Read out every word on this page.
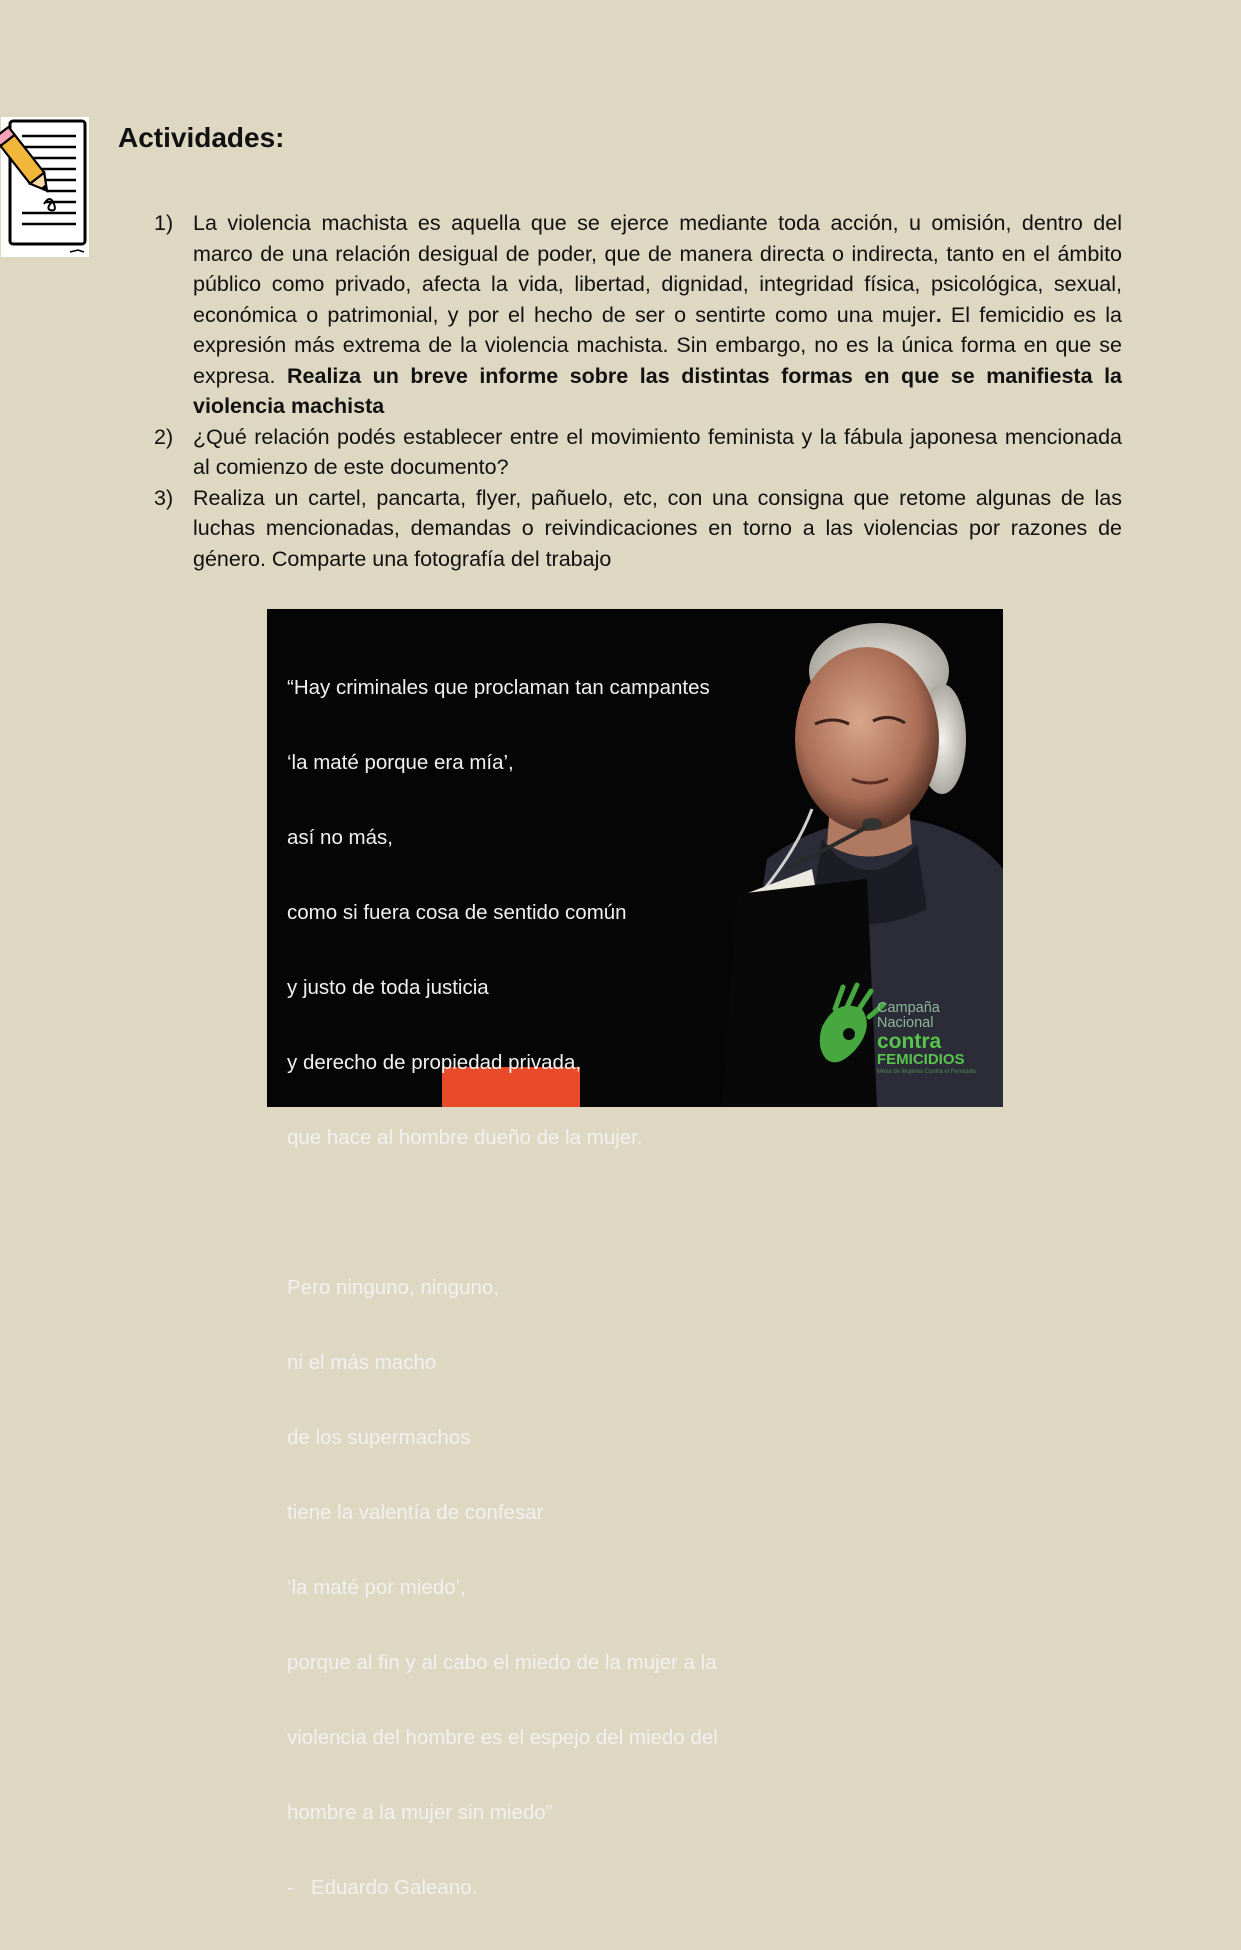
Actividades:
1) La violencia machista es aquella que se ejerce mediante toda acción, u omisión, dentro del marco de una relación desigual de poder, que de manera directa o indirecta, tanto en el ámbito público como privado, afecta la vida, libertad, dignidad, integridad física, psicológica, sexual, económica o patrimonial, y por el hecho de ser o sentirte como una mujer. El femicidio es la expresión más extrema de la violencia machista. Sin embargo, no es la única forma en que se expresa. Realiza un breve informe sobre las distintas formas en que se manifiesta la violencia machista
2) ¿Qué relación podés establecer entre el movimiento feminista y la fábula japonesa mencionada al comienzo de este documento?
3) Realiza un cartel, pancarta, flyer, pañuelo, etc, con una consigna que retome algunas de las luchas mencionadas, demandas o reivindicaciones en torno a las violencias por razones de género. Comparte una fotografía del trabajo

“Hay criminales que proclaman tan campantes

‘la maté porque era mía’,

así no más,

como si fuera cosa de sentido común

y justo de toda justicia

y derecho de propiedad privada,

que hace al hombre dueño de la mujer.

Pero ninguno, ninguno,

ni el más macho

de los supermachos

tiene la valentía de confesar

‘la maté por miedo’,

porque al fin y al cabo el miedo de la mujer a la

violencia del hombre es el espejo del miedo del

hombre a la mujer sin miedo”

-   Eduardo Galeano.

Campaña
Nacional
contra
FEMICIDIOS
Mesa de Mujeres Contra el Femicidio
